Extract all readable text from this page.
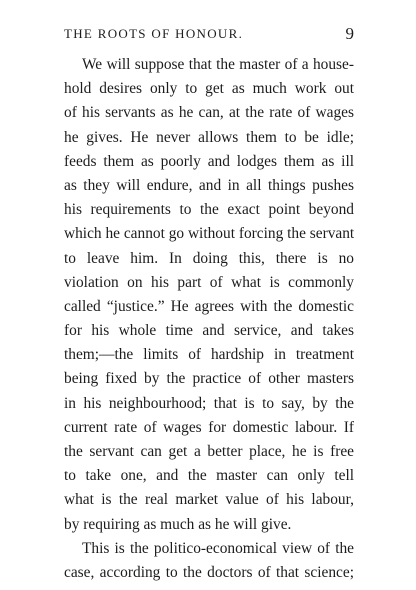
THE ROOTS OF HONOUR.	9

We will suppose that the master of a house-
hold desires only to get as much work out
of his servants as he can, at the rate of wages
he gives. He never allows them to be idle;
feeds them as poorly and lodges them as ill
as they will endure, and in all things pushes
his requirements to the exact point beyond
which he cannot go without forcing the servant
to leave him. In doing this, there is no
violation on his part of what is commonly
called “justice.” He agrees with the domestic
for his whole time and service, and takes
them;—the limits of hardship in treatment
being fixed by the practice of other masters
in his neighbourhood; that is to say, by the
current rate of wages for domestic labour. If
the servant can get a better place, he is free
to take one, and the master can only tell
what is the real market value of his labour,
by requiring as much as he will give.

This is the politico-economical view of the
case, according to the doctors of that science;
